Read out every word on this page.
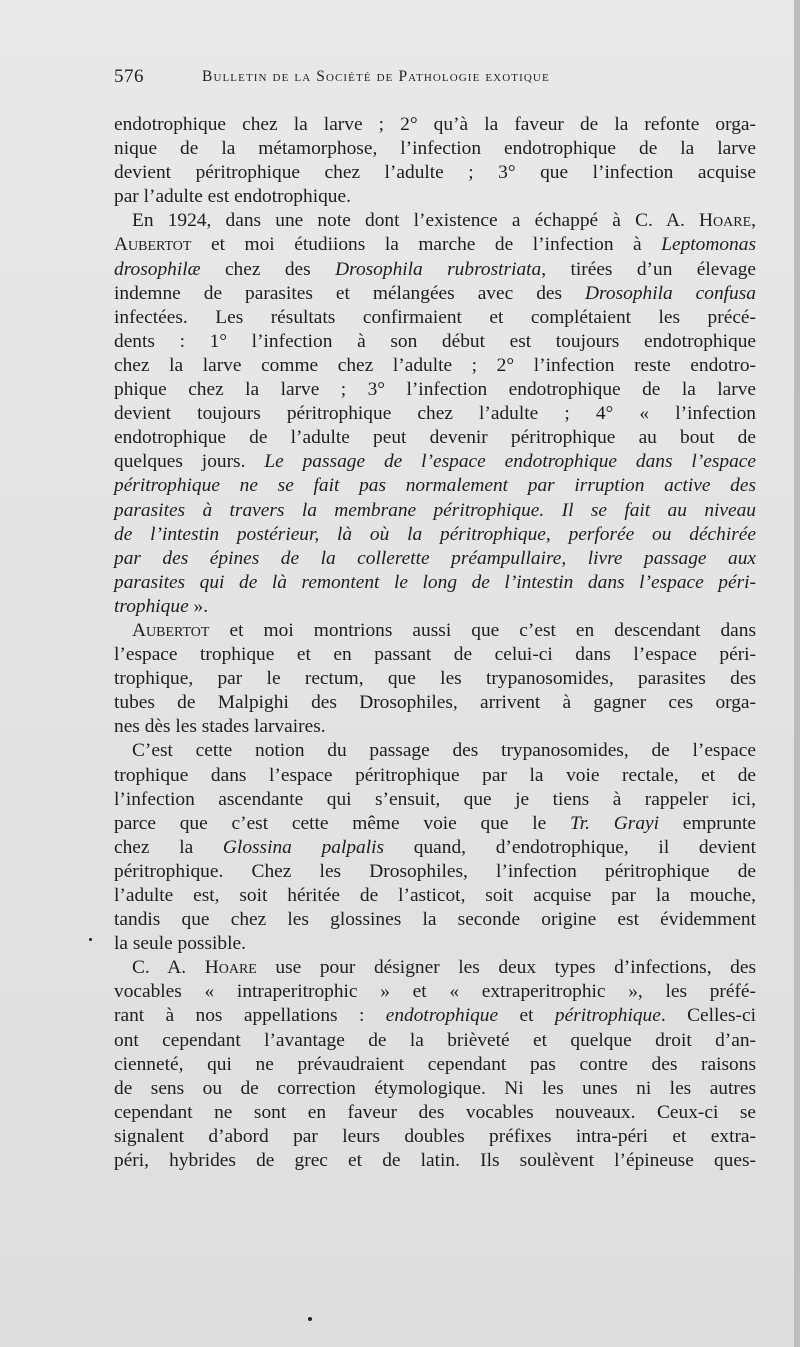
576	Bulletin de la Société de Pathologie exotique
endotrophique chez la larve ; 2° qu’à la faveur de la refonte orga-
nique de la métamorphose, l’infection endotrophique de la larve
devient péritrophique chez l’adulte ; 3° que l’infection acquise
par l’adulte est endotrophique.
En 1924, dans une note dont l’existence a échappé à C. A. Hoare,
Aubertot et moi étudiions la marche de l’infection à Leptomonas
drosophilæ chez des Drosophila rubrostriata, tirées d’un élevage
indemne de parasites et mélangées avec des Drosophila confusa
infectées. Les résultats confirmaient et complétaient les précé-
dents : 1° l’infection à son début est toujours endotrophique
chez la larve comme chez l’adulte ; 2° l’infection reste endotro-
phique chez la larve ; 3° l’infection endotrophique de la larve
devient toujours péritrophique chez l’adulte ; 4° « l’infection
endotrophique de l’adulte peut devenir péritrophique au bout de
quelques jours. Le passage de l’espace endotrophique dans l’espace
péritrophique ne se fait pas normalement par irruption active des
parasites à travers la membrane péritrophique. Il se fait au niveau
de l’intestin postérieur, là où la péritrophique, perforée ou déchirée
par des épines de la collerette préampullaire, livre passage aux
parasites qui de là remontent le long de l’intestin dans l’espace péri-
trophique ».
Aubertot et moi montrions aussi que c’est en descendant dans
l’espace trophique et en passant de celui-ci dans l’espace péri-
trophique, par le rectum, que les trypanosomides, parasites des
tubes de Malpighi des Drosophiles, arrivent à gagner ces orga-
nes dès les stades larvaires.
C’est cette notion du passage des trypanosomides, de l’espace
trophique dans l’espace péritrophique par la voie rectale, et de
l’infection ascendante qui s’ensuit, que je tiens à rappeler ici,
parce que c’est cette même voie que le Tr. Grayi emprunte
chez la Glossina palpalis quand, d’endotrophique, il devient
péritrophique. Chez les Drosophiles, l’infection péritrophique de
l’adulte est, soit héritée de l’asticot, soit acquise par la mouche,
tandis que chez les glossines la seconde origine est évidemment
la seule possible.
C. A. Hoare use pour désigner les deux types d’infections, des
vocables « intraperitrophic » et « extraperitrophic », les préfé-
rant à nos appellations : endotrophique et péritrophique. Celles-ci
ont cependant l’avantage de la brièveté et quelque droit d’an-
cienneté, qui ne prévaudraient cependant pas contre des raisons
de sens ou de correction étymologique. Ni les unes ni les autres
cependant ne sont en faveur des vocables nouveaux. Ceux-ci se
signalent d’abord par leurs doubles préfixes intra-péri et extra-
péri, hybrides de grec et de latin. Ils soulèvent l’épineuse ques-
